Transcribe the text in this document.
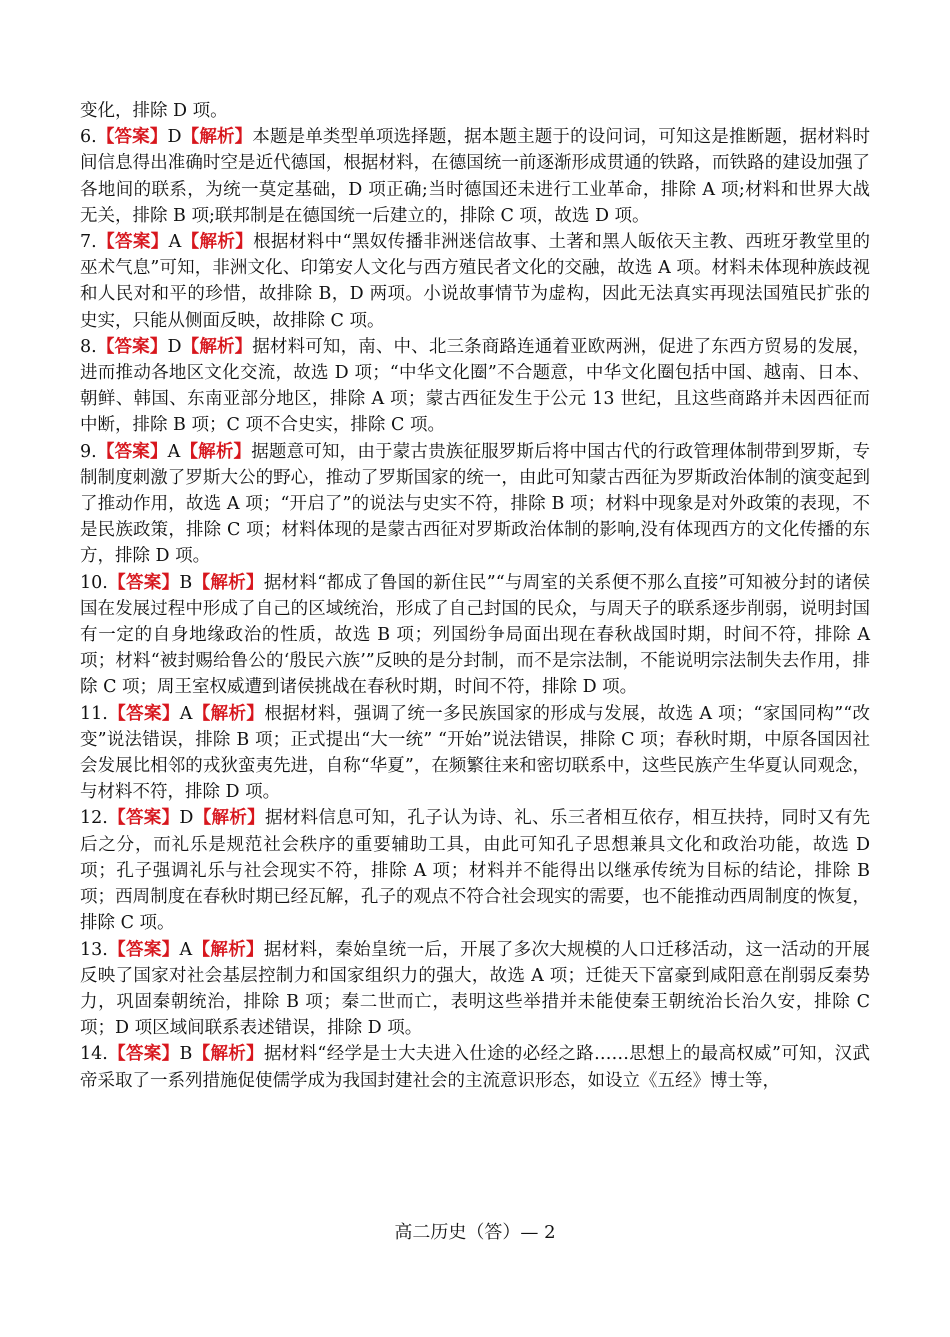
变化，排除 D 项。

6.【答案】D【解析】本题是单类型单项选择题，据本题主题于的设问词，可知这是推断题，据材料时间信息得出准确时空是近代德国，根据材料，在德国统一前逐渐形成贯通的铁路，而铁路的建设加强了各地间的联系，为统一莫定基础，D 项正确;当时德国还未进行工业革命，排除 A 项;材料和世界大战无关，排除 B 项;联邦制是在德国统一后建立的，排除 C 项，故选 D 项。

7.【答案】A【解析】根据材料中“黑奴传播非洲迷信故事、土著和黑人皈依天主教、西班牙教堂里的巫术气息”可知，非洲文化、印第安人文化与西方殖民者文化的交融，故选 A 项。材料未体现种族歧视和人民对和平的珍惜，故排除 B，D 两项。小说故事情节为虚构，因此无法真实再现法国殖民扩张的史实，只能从侧面反映，故排除 C 项。

8.【答案】D【解析】据材料可知，南、中、北三条商路连通着亚欧两洲，促进了东西方贸易的发展，进而推动各地区文化交流，故选 D 项；“中华文化圈”不合题意，中华文化圈包括中国、越南、日本、朝鲜、韩国、东南亚部分地区，排除 A 项；蒙古西征发生于公元 13 世纪，且这些商路并未因西征而中断，排除 B 项；C 项不合史实，排除 C 项。

9.【答案】A【解析】据题意可知，由于蒙古贵族征服罗斯后将中国古代的行政管理体制带到罗斯，专制制度刺激了罗斯大公的野心，推动了罗斯国家的统一，由此可知蒙古西征为罗斯政治体制的演变起到了推动作用，故选 A 项；“开启了”的说法与史实不符，排除 B 项；材料中现象是对外政策的表现，不是民族政策，排除 C 项；材料体现的是蒙古西征对罗斯政治体制的影响,没有体现西方的文化传播的东方，排除 D 项。

10.【答案】B【解析】据材料“都成了鲁国的新住民”“与周室的关系便不那么直接”可知被分封的诸侯国在发展过程中形成了自己的区域统治，形成了自己封国的民众，与周天子的联系逐步削弱，说明封国有一定的自身地缘政治的性质，故选 B 项；列国纷争局面出现在春秋战国时期，时间不符，排除 A 项；材料“被封赐给鲁公的‘殷民六族’”反映的是分封制，而不是宗法制，不能说明宗法制失去作用，排除 C 项；周王室权威遭到诸侯挑战在春秋时期，时间不符，排除 D 项。

11.【答案】A【解析】根据材料，强调了统一多民族国家的形成与发展，故选 A 项；“家国同构”“改变”说法错误，排除 B 项；正式提出“大一统” “开始”说法错误，排除 C 项；春秋时期，中原各国因社会发展比相邻的戎狄蛮夷先进，自称“华夏”，在频繁往来和密切联系中，这些民族产生华夏认同观念，与材料不符，排除 D 项。

12.【答案】D【解析】据材料信息可知，孔子认为诗、礼、乐三者相互依存，相互扶持，同时又有先后之分，而礼乐是规范社会秩序的重要辅助工具，由此可知孔子思想兼具文化和政治功能，故选 D 项；孔子强调礼乐与社会现实不符，排除 A 项；材料并不能得出以继承传统为目标的结论，排除 B 项；西周制度在春秋时期已经瓦解，孔子的观点不符合社会现实的需要，也不能推动西周制度的恢复，排除 C 项。

13.【答案】A【解析】据材料，秦始皇统一后，开展了多次大规模的人口迁移活动，这一活动的开展反映了国家对社会基层控制力和国家组织力的强大，故选 A 项；迁徙天下富豪到咸阳意在削弱反秦势力，巩固秦朝统治，排除 B 项；秦二世而亡，表明这些举措并未能使秦王朝统治长治久安，排除 C 项；D 项区域间联系表述错误，排除 D 项。

14.【答案】B【解析】据材料“经学是士大夫进入仕途的必经之路……思想上的最高权威”可知，汉武帝采取了一系列措施促使儒学成为我国封建社会的主流意识形态，如设立《五经》博士等，

高二历史（答）— 2
